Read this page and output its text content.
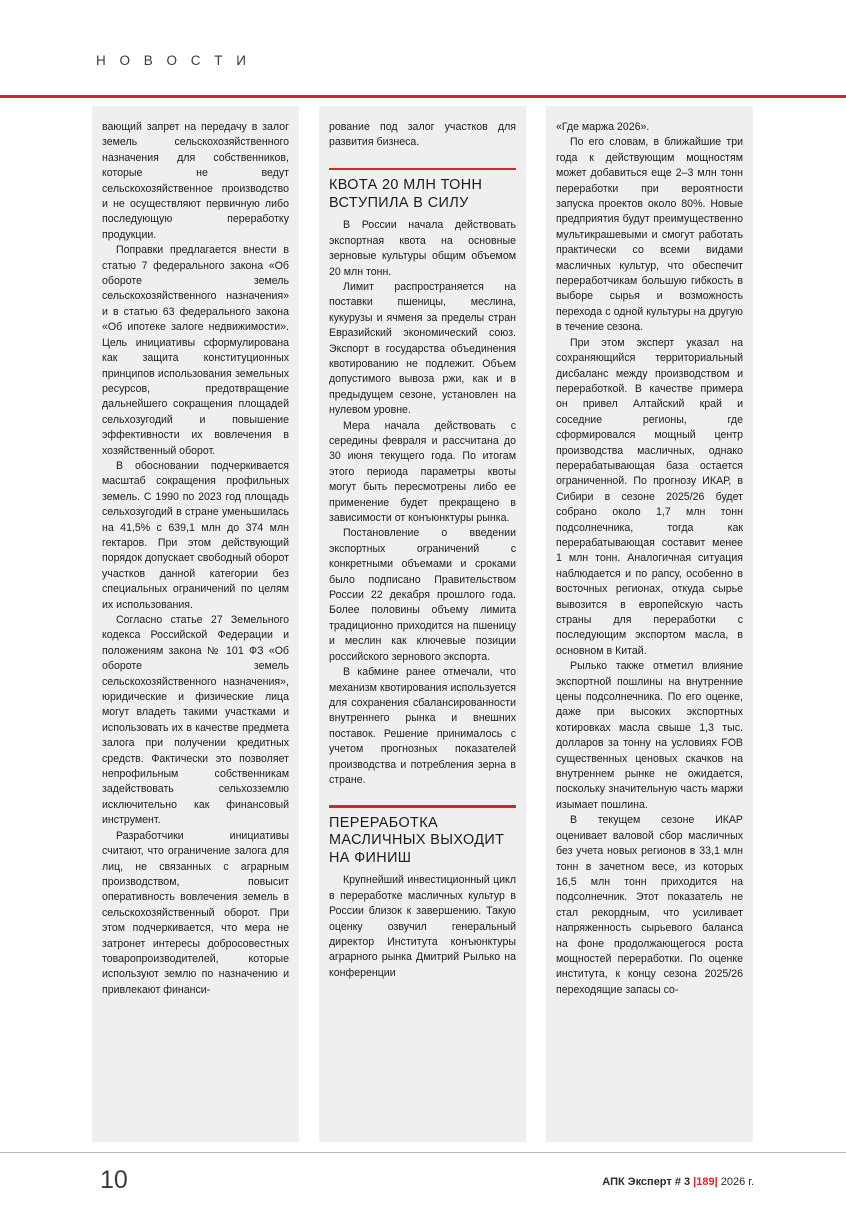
Н О В О С Т И

вающий запрет на передачу в залог земель сельскохозяйственного назначения для собственников, которые не ведут сельскохозяйственное производство и не осуществляют первичную либо последующую переработку продукции.

Поправки предлагается внести в статью 7 федерального закона «Об обороте земель сельскохозяйственного назначения» и в статью 63 федерального закона «Об ипотеке залоге недвижимости». Цель инициативы сформулирована как защита конституционных принципов использования земельных ресурсов, предотвращение дальнейшего сокращения площадей сельхозугодий и повышение эффективности их вовлечения в хозяйственный оборот.

В обосновании подчеркивается масштаб сокращения профильных земель. С 1990 по 2023 год площадь сельхозугодий в стране уменьшилась на 41,5% с 639,1 млн до 374 млн гектаров. При этом действующий порядок допускает свободный оборот участков данной категории без специальных ограничений по целям их использования.

Согласно статье 27 Земельного кодекса Российской Федерации и положениям закона № 101 ФЗ «Об обороте земель сельскохозяйственного назначения», юридические и физические лица могут владеть такими участками и использовать их в качестве предмета залога при получении кредитных средств. Фактически это позволяет непрофильным собственникам задействовать сельхозземлю исключительно как финансовый инструмент.

Разработчики инициативы считают, что ограничение залога для лиц, не связанных с аграрным производством, повысит оперативность вовлечения земель в сельскохозяйственный оборот. При этом подчеркивается, что мера не затронет интересы добросовестных товаропроизводителей, которые используют землю по назначению и привлекают финанси-

рование под залог участков для развития бизнеса.

КВОТА 20 МЛН ТОНН ВСТУПИЛА В СИЛУ

В России начала действовать экспортная квота на основные зерновые культуры общим объемом 20 млн тонн.

Лимит распространяется на поставки пшеницы, меслина, кукурузы и ячменя за пределы стран Евразийский экономический союз. Экспорт в государства объединения квотированию не подлежит. Объем допустимого вывоза ржи, как и в предыдущем сезоне, установлен на нулевом уровне.

Мера начала действовать с середины февраля и рассчитана до 30 июня текущего года. По итогам этого периода параметры квоты могут быть пересмотрены либо ее применение будет прекращено в зависимости от конъюнктуры рынка.

Постановление о введении экспортных ограничений с конкретными объемами и сроками было подписано Правительством России 22 декабря прошлого года. Более половины объему лимита традиционно приходится на пшеницу и меслин как ключевые позиции российского зернового экспорта.

В кабмине ранее отмечали, что механизм квотирования используется для сохранения сбалансированности внутреннего рынка и внешних поставок. Решение принималось с учетом прогнозных показателей производства и потребления зерна в стране.

ПЕРЕРАБОТКА МАСЛИЧНЫХ ВЫХОДИТ НА ФИНИШ

Крупнейший инвестиционный цикл в переработке масличных культур в России близок к завершению. Такую оценку озвучил генеральный директор Института конъюнктуры аграрного рынка Дмитрий Рылько на конференции

«Где маржа 2026».

По его словам, в ближайшие три года к действующим мощностям может добавиться еще 2–3 млн тонн переработки при вероятности запуска проектов около 80%. Новые предприятия будут преимущественно мультикрашевыми и смогут работать практически со всеми видами масличных культур, что обеспечит переработчикам большую гибкость в выборе сырья и возможность перехода с одной культуры на другую в течение сезона.

При этом эксперт указал на сохраняющийся территориальный дисбаланс между производством и переработкой. В качестве примера он привел Алтайский край и соседние регионы, где сформировался мощный центр производства масличных, однако перерабатывающая база остается ограниченной. По прогнозу ИКАР, в Сибири в сезоне 2025/26 будет собрано около 1,7 млн тонн подсолнечника, тогда как перерабатывающая составит менее 1 млн тонн. Аналогичная ситуация наблюдается и по рапсу, особенно в восточных регионах, откуда сырье вывозится в европейскую часть страны для переработки с последующим экспортом масла, в основном в Китай.

Рылько также отметил влияние экспортной пошлины на внутренние цены подсолнечника. По его оценке, даже при высоких экспортных котировках масла свыше 1,3 тыс. долларов за тонну на условиях FOB существенных ценовых скачков на внутреннем рынке не ожидается, поскольку значительную часть маржи изымает пошлина.

В текущем сезоне ИКАР оценивает валовой сбор масличных без учета новых регионов в 33,1 млн тонн в зачетном весе, из которых 16,5 млн тонн приходится на подсолнечник. Этот показатель не стал рекордным, что усиливает напряженность сырьевого баланса на фоне продолжающегося роста мощностей переработки. По оценке института, к концу сезона 2025/26 переходящие запасы со-

10	АПК Эксперт # 3 |189| 2026 г.
